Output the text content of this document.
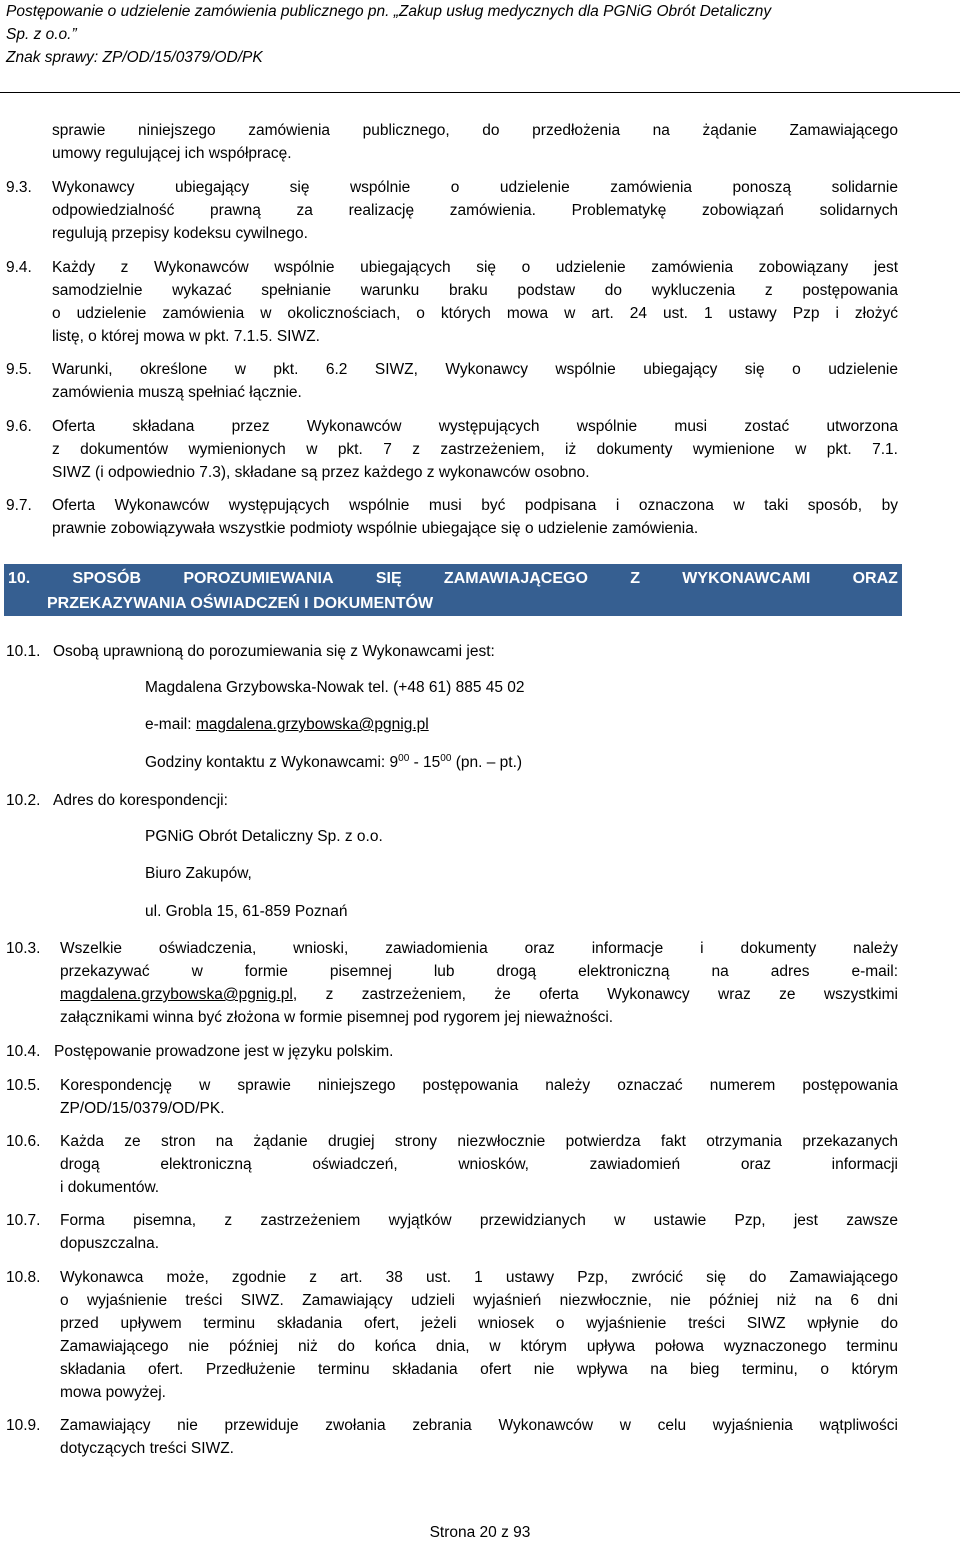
Postępowanie o udzielenie zamówienia publicznego pn. „Zakup usług medycznych dla PGNiG Obrót Detaliczny
Sp. z o.o.”
Znak sprawy: ZP/OD/15/0379/OD/PK
sprawie niniejszego zamówienia publicznego, do przedłożenia na żądanie Zamawiającego
umowy regulującej ich współpracę.
9.3.	Wykonawcy ubiegający się wspólnie o udzielenie zamówienia ponoszą solidarnie
odpowiedzialność prawną za realizację zamówienia. Problematykę zobowiązań solidarnych
regulują przepisy kodeksu cywilnego.
9.4.	Każdy z Wykonawców wspólnie ubiegających się o udzielenie zamówienia zobowiązany jest
samodzielnie wykazać spełnianie warunku braku podstaw do wykluczenia z postępowania
o udzielenie zamówienia w okolicznościach, o których mowa w art. 24 ust. 1 ustawy Pzp i złożyć
listę, o której mowa w pkt. 7.1.5. SIWZ.
9.5.	Warunki, określone w pkt. 6.2 SIWZ, Wykonawcy wspólnie ubiegający się o udzielenie
zamówienia muszą spełniać łącznie.
9.6.	Oferta składana przez Wykonawców występujących wspólnie musi zostać utworzona
z dokumentów wymienionych w pkt. 7 z zastrzeżeniem, iż dokumenty wymienione w pkt. 7.1.
SIWZ (i odpowiednio 7.3), składane są przez każdego z wykonawców osobno.
9.7.	Oferta Wykonawców występujących wspólnie musi być podpisana i oznaczona w taki sposób, by
prawnie zobowiązywała wszystkie podmioty wspólnie ubiegające się o udzielenie zamówienia.
10.	SPOSÓB	POROZUMIEWANIA	SIĘ	ZAMAWIAJĄCEGO	Z	WYKONAWCAMI	ORAZ
PRZEKAZYWANIA OŚWIADCZEŃ I DOKUMENTÓW
10.1. Osobą uprawnioną do porozumiewania się z Wykonawcami jest:
Magdalena Grzybowska-Nowak tel. (+48 61) 885 45 02
e-mail: magdalena.grzybowska@pgnig.pl
Godziny kontaktu z Wykonawcami: $9^{00} - 15^{00}$ (pn. – pt.)
10.2. Adres do korespondencji:
PGNiG Obrót Detaliczny Sp. z o.o.
Biuro Zakupów,
ul. Grobla 15, 61-859 Poznań
10.3.	Wszelkie oświadczenia, wnioski, zawiadomienia oraz informacje i dokumenty należy
przekazywać w formie pisemnej lub drogą elektroniczną na adres e-mail:
magdalena.grzybowska@pgnig.pl, z zastrzeżeniem, że oferta Wykonawcy wraz ze wszystkimi
załącznikami winna być złożona w formie pisemnej pod rygorem jej nieważności.
10.4. Postępowanie prowadzone jest w języku polskim.
10.5.	Korespondencję w sprawie niniejszego postępowania należy oznaczać numerem postępowania
ZP/OD/15/0379/OD/PK.
10.6.	Każda ze stron na żądanie drugiej strony niezwłocznie potwierdza fakt otrzymania przekazanych
drogą elektroniczną oświadczeń, wniosków, zawiadomień oraz informacji
i dokumentów.
10.7.	Forma pisemna, z zastrzeżeniem wyjątków przewidzianych w ustawie Pzp, jest zawsze
dopuszczalna.
10.8.	Wykonawca może, zgodnie z art. 38 ust. 1 ustawy Pzp, zwrócić się do Zamawiającego
o wyjaśnienie treści SIWZ. Zamawiający udzieli wyjaśnień niezwłocznie, nie później niż na 6 dni
przed upływem terminu składania ofert, jeżeli wniosek o wyjaśnienie treści SIWZ wpłynie do
Zamawiającego nie później niż do końca dnia, w którym upływa połowa wyznaczonego terminu
składania ofert. Przedłużenie terminu składania ofert nie wpływa na bieg terminu, o którym
mowa powyżej.
10.9.	Zamawiający nie przewiduje zwołania zebrania Wykonawców w celu wyjaśnienia wątpliwości
dotyczących treści SIWZ.
Strona 20 z 93
